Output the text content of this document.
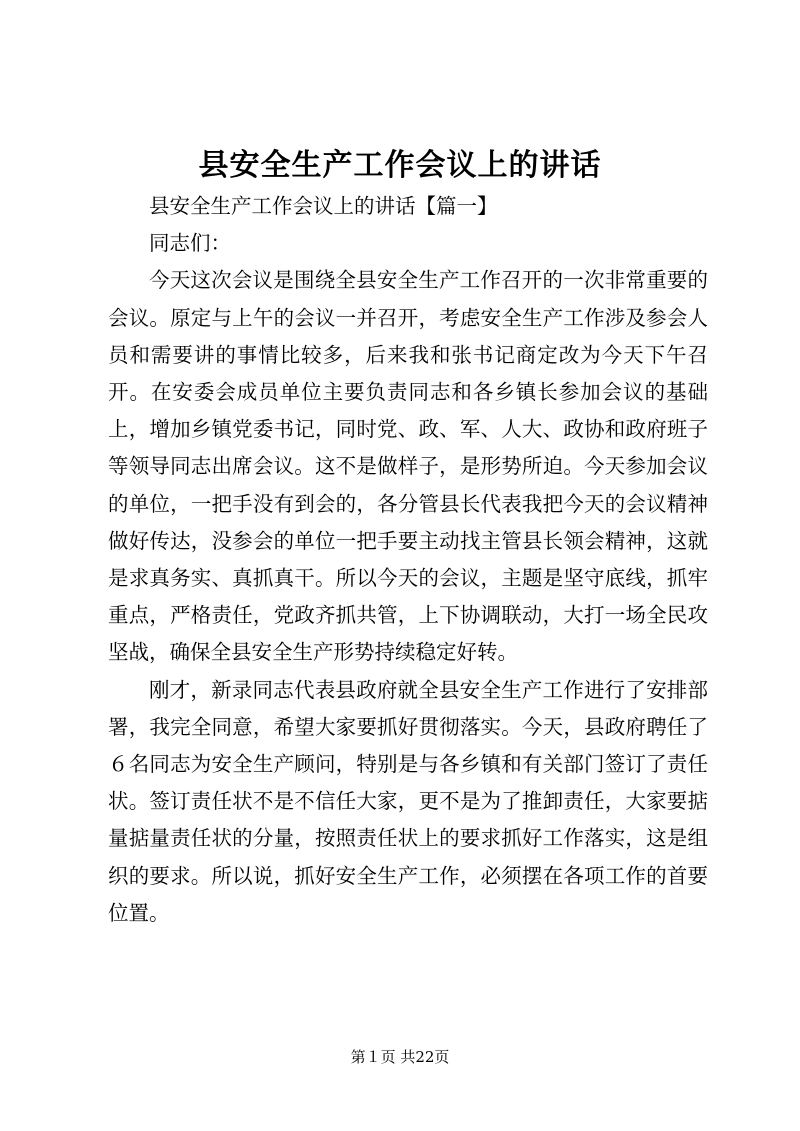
县安全生产工作会议上的讲话

县安全生产工作会议上的讲话【篇一】

同志们：

今天这次会议是围绕全县安全生产工作召开的一次非常重要的会议。原定与上午的会议一并召开，考虑安全生产工作涉及参会人员和需要讲的事情比较多，后来我和张书记商定改为今天下午召开。在安委会成员单位主要负责同志和各乡镇长参加会议的基础上，增加乡镇党委书记，同时党、政、军、人大、政协和政府班子等领导同志出席会议。这不是做样子，是形势所迫。今天参加会议的单位，一把手没有到会的，各分管县长代表我把今天的会议精神做好传达，没参会的单位一把手要主动找主管县长领会精神，这就是求真务实、真抓真干。所以今天的会议，主题是坚守底线，抓牢重点，严格责任，党政齐抓共管，上下协调联动，大打一场全民攻坚战，确保全县安全生产形势持续稳定好转。

刚才，新录同志代表县政府就全县安全生产工作进行了安排部署，我完全同意，希望大家要抓好贯彻落实。今天，县政府聘任了６名同志为安全生产顾问，特别是与各乡镇和有关部门签订了责任状。签订责任状不是不信任大家，更不是为了推卸责任，大家要掂量掂量责任状的分量，按照责任状上的要求抓好工作落实，这是组织的要求。所以说，抓好安全生产工作，必须摆在各项工作的首要位置。

第１页 共22页
